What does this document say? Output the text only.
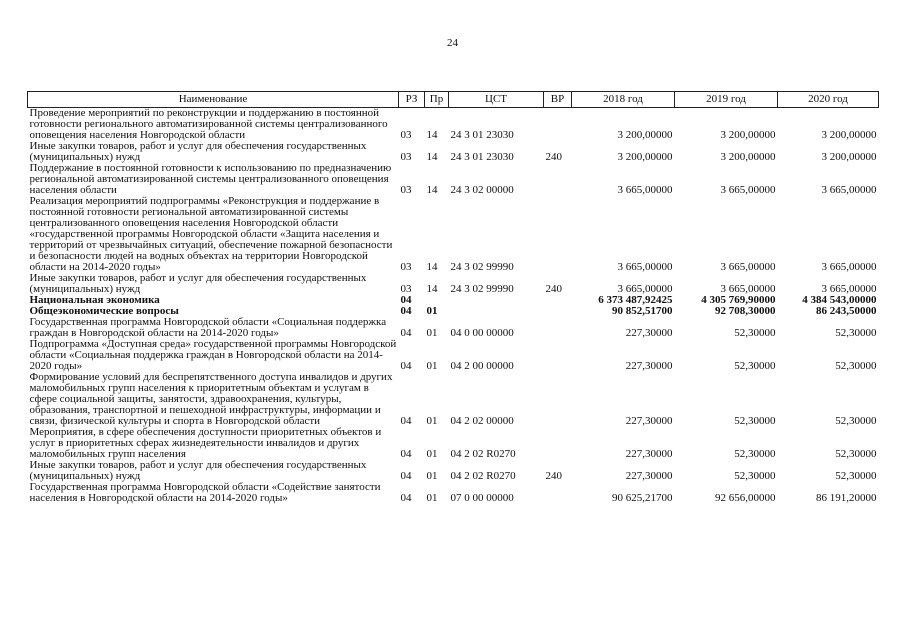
24
Наименование	РЗ	Пр	ЦСТ	ВР	2018 год	2019 год	2020 год
Проведение мероприятий по реконструкции и поддержанию в постоянной готовности регионального автоматизированной системы централизованного оповещения населения Новгородской области	03	14	24 3 01 23030		3 200,00000	3 200,00000	3 200,00000
Иные закупки товаров, работ и услуг для обеспечения государственных (муниципальных) нужд	03	14	24 3 01 23030	240	3 200,00000	3 200,00000	3 200,00000
Поддержание в постоянной готовности к использованию по предназначению региональной автоматизированной системы централизованного оповещения населения области	03	14	24 3 02 00000		3 665,00000	3 665,00000	3 665,00000
Реализация мероприятий подпрограммы «Реконструкция и поддержание в постоянной готовности региональной автоматизированной системы централизованного оповещения населения Новгородской области «государственной программы Новгородской области «Защита населения и территорий от чрезвычайных ситуаций, обеспечение пожарной безопасности и безопасности людей на водных объектах на территории Новгородской области на 2014-2020 годы»	03	14	24 3 02 99990		3 665,00000	3 665,00000	3 665,00000
Иные закупки товаров, работ и услуг для обеспечения государственных (муниципальных) нужд	03	14	24 3 02 99990	240	3 665,00000	3 665,00000	3 665,00000
Национальная экономика	04				6 373 487,92425	4 305 769,90000	4 384 543,00000
Общеэкономические вопросы	04	01			90 852,51700	92 708,30000	86 243,50000
Государственная программа Новгородской области «Социальная поддержка граждан в Новгородской области на 2014-2020 годы»	04	01	04 0 00 00000		227,30000	52,30000	52,30000
Подпрограмма «Доступная среда» государственной программы Новгородской области «Социальная поддержка граждан в Новгородской области на 2014-2020 годы»	04	01	04 2 00 00000		227,30000	52,30000	52,30000
Формирование условий для беспрепятственного доступа инвалидов и других маломобильных групп населения к приоритетным объектам и услугам в сфере социальной защиты, занятости, здравоохранения, культуры, образования, транспортной и пешеходной инфраструктуры, информации и связи, физической культуры и спорта в Новгородской области	04	01	04 2 02 00000		227,30000	52,30000	52,30000
Мероприятия, в сфере обеспечения доступности приоритетных объектов и услуг в приоритетных сферах жизнедеятельности инвалидов и других маломобильных групп населения	04	01	04 2 02 R0270		227,30000	52,30000	52,30000
Иные закупки товаров, работ и услуг для обеспечения государственных (муниципальных) нужд	04	01	04 2 02 R0270	240	227,30000	52,30000	52,30000
Государственная программа Новгородской области «Содействие занятости населения в Новгородской области на 2014-2020 годы»	04	01	07 0 00 00000		90 625,21700	92 656,00000	86 191,20000
